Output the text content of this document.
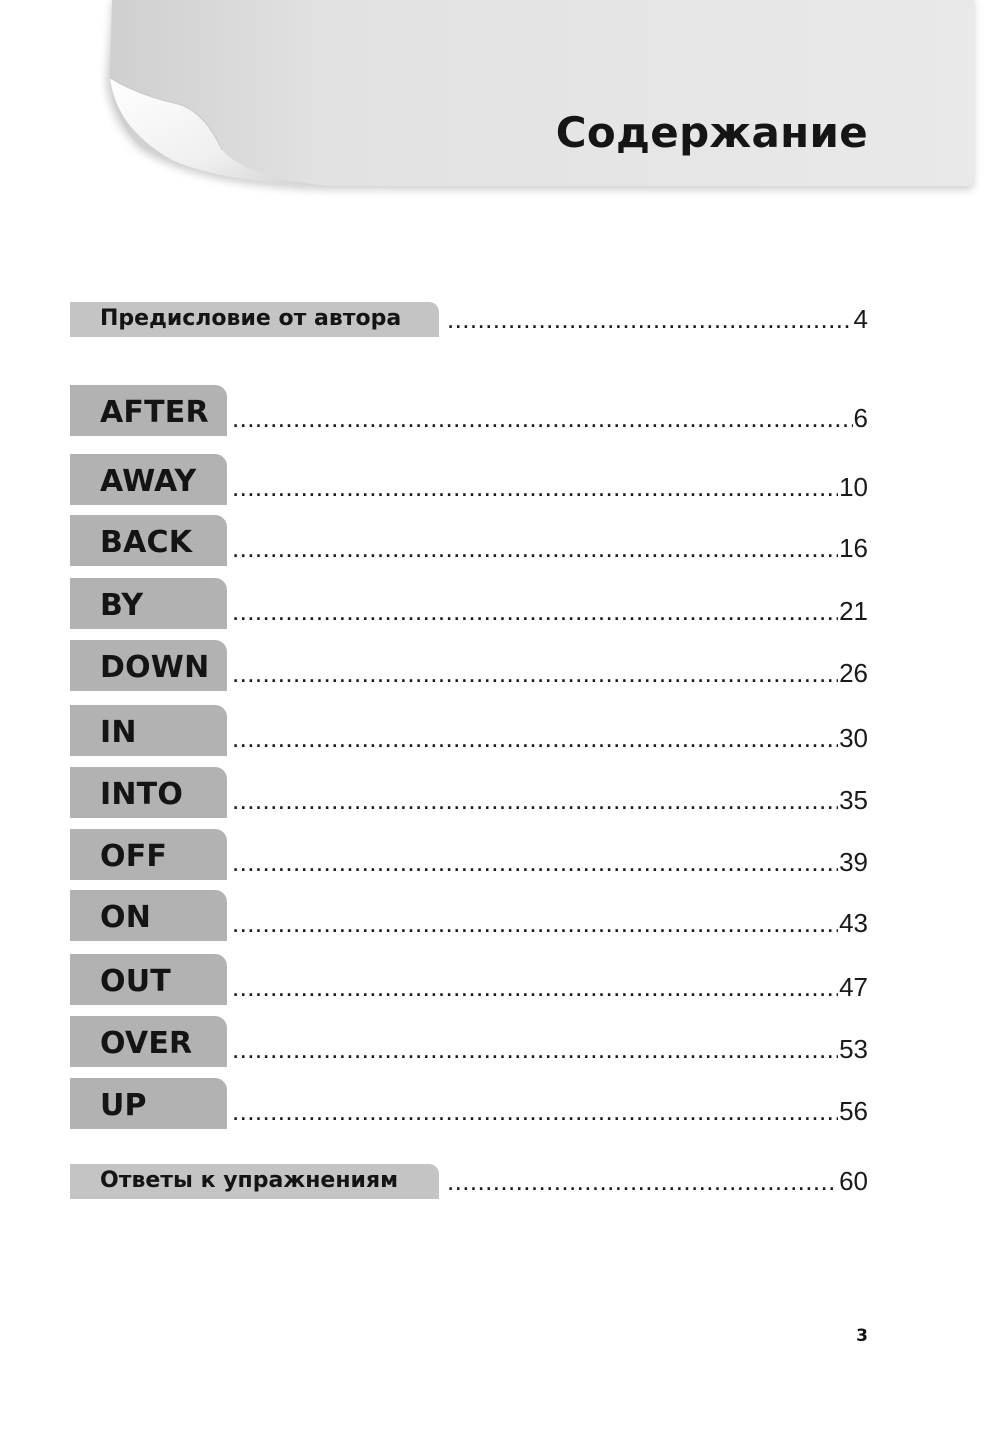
Содержание
Предисловие от автора .....	4
AFTER .....	6
AWAY .....	10
BACK .....	16
BY .....	21
DOWN .....	26
IN .....	30
INTO .....	35
OFF .....	39
ON .....	43
OUT .....	47
OVER .....	53
UP .....	56
Ответы к упражнениям .....	60
3
